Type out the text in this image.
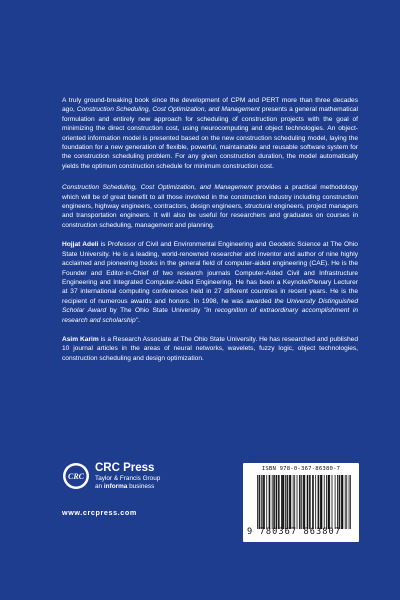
A truly ground-breaking book since the development of CPM and PERT more than three decades ago, Construction Scheduling, Cost Optimization, and Management presents a general mathematical formulation and entirely new approach for scheduling of construction projects with the goal of minimizing the direct construction cost, using neurocomputing and object technologies. An object-oriented information model is presented based on the new construction scheduling model, laying the foundation for a new generation of flexible, powerful, maintainable and reusable software system for the construction scheduling problem. For any given construction duration, the model automatically yields the optimum construction schedule for minimum construction cost.

Construction Scheduling, Cost Optimization, and Management provides a practical methodology which will be of great benefit to all those involved in the construction industry including construction engineers, highway engineers, contractors, design engineers, structural engineers, project managers and transportation engineers. It will also be useful for researchers and graduates on courses in construction scheduling, management and planning.

Hojjat Adeli is Professor of Civil and Environmental Engineering and Geodetic Science at The Ohio State University. He is a leading, world-renowned researcher and inventor and author of nine highly acclaimed and pioneering books in the general field of computer-aided engineering (CAE). He is the Founder and Editor-in-Chief of two research journals Computer-Aided Civil and Infrastructure Engineering and Integrated Computer-Aided Engineering. He has been a Keynote/Plenary Lecturer at 37 international computing conferences held in 27 different countries in recent years. He is the recipient of numerous awards and honors. In 1998, he was awarded the University Distinguished Scholar Award by The Ohio State University "in recognition of extraordinary accomplishment in research and scholarship".

Asim Karim is a Research Associate at The Ohio State University. He has researched and published 10 journal articles in the areas of neural networks, wavelets, fuzzy logic, object technologies, construction scheduling and design optimization.

CRC
CRC Press
Taylor & Francis Group
an informa business
www.crcpress.com
ISBN 978-0-367-86380-7
9 780367 863807
